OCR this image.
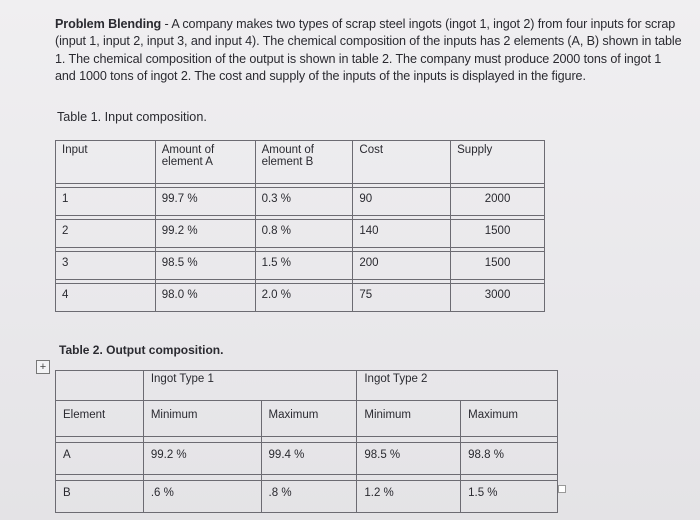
Problem Blending - A company makes two types of scrap steel ingots (ingot 1, ingot 2) from four inputs for scrap (input 1, input 2, input 3, and input 4). The chemical composition of the inputs has 2 elements (A, B) shown in table 1. The chemical composition of the output is shown in table 2. The company must produce 2000 tons of ingot 1 and 1000 tons of ingot 2. The cost and supply of the inputs of the inputs is displayed in the figure.
Table 1. Input composition.
Input	Amount of element A	Amount of element B	Cost	Supply

1	99.7 %	0.3 %	90	2000

2	99.2 %	0.8 %	140	1500

3	98.5 %	1.5 %	200	1500

4	98.0 %	2.0 %	75	3000
+
Table 2. Output composition.
	Ingot Type 1		Ingot Type 2	
Element	Minimum	Maximum	Minimum	Maximum

A	99.2 %	99.4 %	98.5 %	98.8 %

B	.6 %	.8 %	1.2 %	1.5 %
